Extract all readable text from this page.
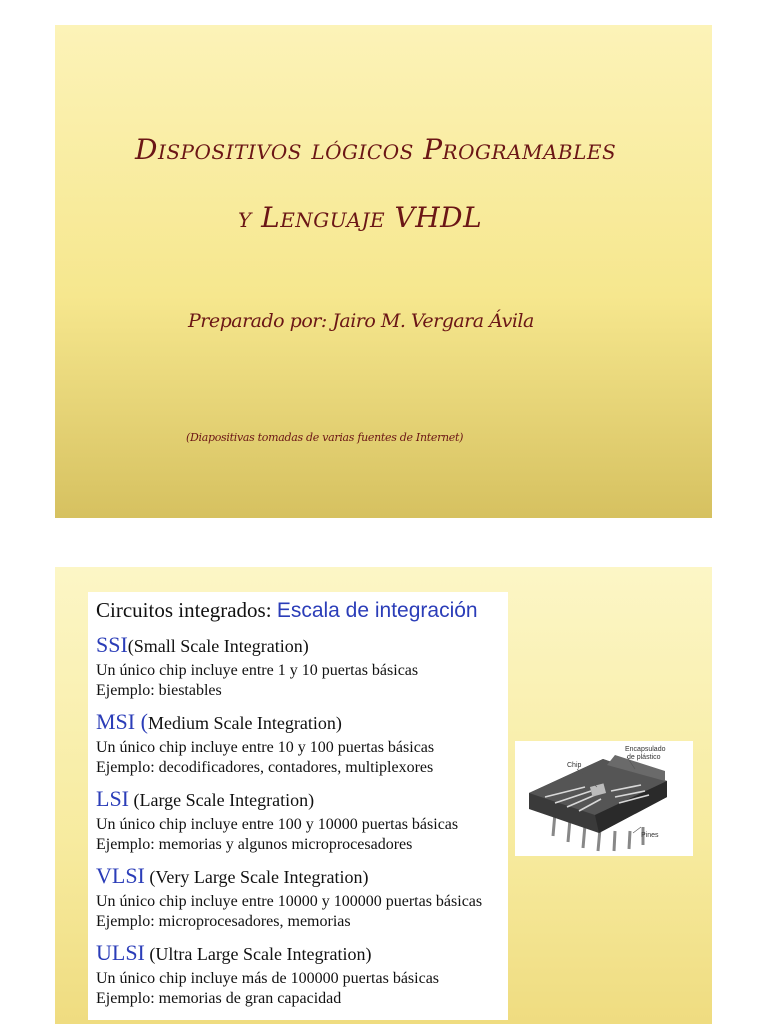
Dispositivos lógicos Programables
y Lenguaje VHDL
Preparado por: Jairo M. Vergara Ávila
(Diapositivas tomadas de varias fuentes de Internet)
Circuitos integrados: Escala de integración
SSI(Small Scale Integration)
Un único chip incluye entre 1 y 10 puertas básicas
Ejemplo: biestables
MSI (Medium Scale Integration)
Un único chip incluye entre 10 y 100 puertas básicas
Ejemplo: decodificadores, contadores, multiplexores
LSI (Large Scale Integration)
Un único chip incluye entre 100 y 10000 puertas básicas
Ejemplo: memorias y algunos microprocesadores
VLSI (Very Large Scale Integration)
Un único chip incluye entre 10000 y 100000 puertas básicas
Ejemplo: microprocesadores, memorias
ULSI (Ultra Large Scale Integration)
Un único chip incluye más de 100000 puertas básicas
Ejemplo: memorias de gran capacidad
Chip
Encapsulado
de plástico
Pines
